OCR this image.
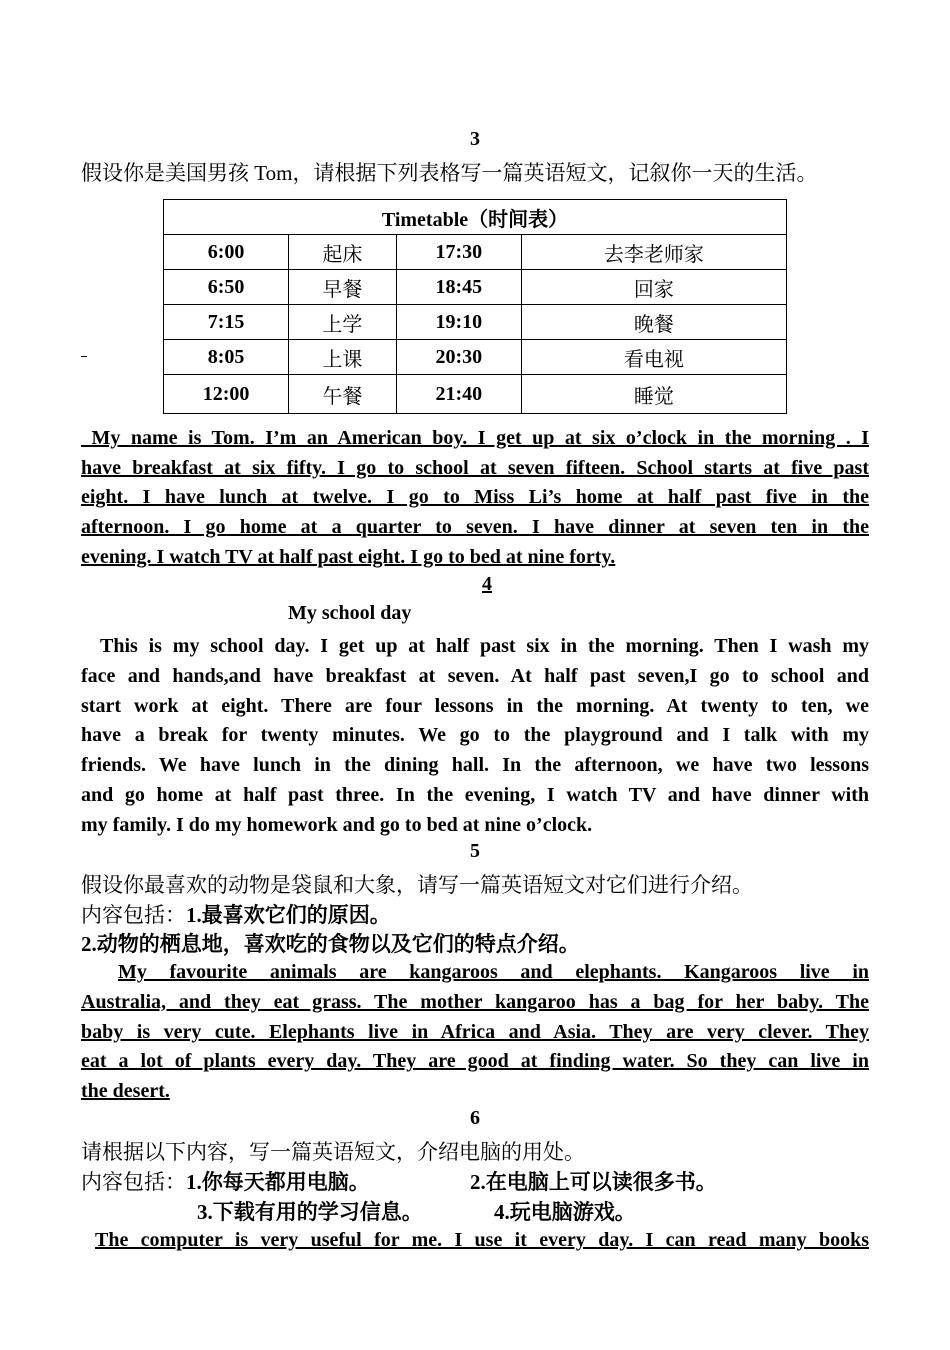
3
假设你是美国男孩 Tom，请根据下列表格写一篇英语短文，记叙你一天的生活。
Timetable（时间表）			
6:00	起床	17:30	去李老师家
6:50	早餐	18:45	回家
7:15	上学	19:10	晚餐
8:05	上课	20:30	看电视
12:00	午餐	21:40	睡觉
My name is Tom. I’m an American boy. I get up at six o’clock in the morning . I
have breakfast at six fifty. I go to school at seven fifteen. School starts at five past
eight. I have lunch at twelve. I go to Miss Li’s home at half past five in the
afternoon. I go home at a quarter to seven. I have dinner at seven ten in the
evening. I watch TV at half past eight. I go to bed at nine forty.
4
My school day
This is my school day. I get up at half past six in the morning. Then I wash my
face and hands,and have breakfast at seven. At half past seven,I go to school and
start work at eight. There are four lessons in the morning. At twenty to ten, we
have a break for twenty minutes. We go to the playground and I talk with my
friends. We have lunch in the dining hall. In the afternoon, we have two lessons
and go home at half past three. In the evening, I watch TV and have dinner with
my family. I do my homework and go to bed at nine o’clock.
5
假设你最喜欢的动物是袋鼠和大象，请写一篇英语短文对它们进行介绍。
内容包括：1.最喜欢它们的原因。
2.动物的栖息地，喜欢吃的食物以及它们的特点介绍。
My favourite animals are kangaroos and elephants. Kangaroos live in
Australia, and they eat grass. The mother kangaroo has a bag for her baby. The
baby is very cute. Elephants live in Africa and Asia. They are very clever. They
eat a lot of plants every day. They are good at finding water. So they can live in
the desert.
6
请根据以下内容，写一篇英语短文，介绍电脑的用处。
内容包括：1.你每天都用电脑。	2.在电脑上可以读很多书。
3.下载有用的学习信息。	4.玩电脑游戏。
The computer is very useful for me. I use it every day. I can read many books
